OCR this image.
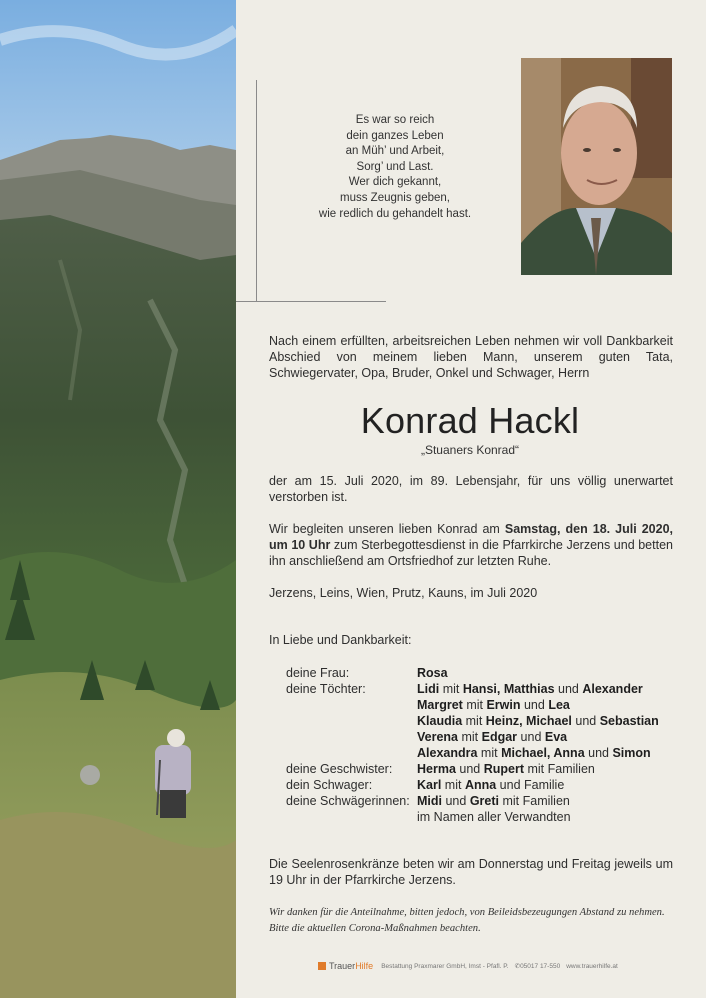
Es war so reich
dein ganzes Leben
an Müh’ und Arbeit,
Sorg’ und Last.
Wer dich gekannt,
muss Zeugnis geben,
wie redlich du gehandelt hast.
Nach einem erfüllten, arbeitsreichen Leben nehmen wir voll Dankbarkeit Abschied von meinem lieben Mann, unserem guten Tata, Schwiegervater, Opa, Bruder, Onkel und Schwager, Herrn
Konrad Hackl
„Stuaners Konrad“
der am 15. Juli 2020, im 89. Lebensjahr, für uns völlig unerwartet verstorben ist.
Wir begleiten unseren lieben Konrad am Samstag, den 18. Juli 2020, um 10 Uhr zum Sterbegottesdienst in die Pfarrkirche Jerzens und betten ihn anschließend am Ortsfriedhof zur letzten Ruhe.
Jerzens, Leins, Wien, Prutz, Kauns, im Juli 2020
In Liebe und Dankbarkeit:
deine Frau:	Rosa
deine Töchter:	Lidi mit Hansi, Matthias und Alexander
Margret mit Erwin und Lea
Klaudia mit Heinz, Michael und Sebastian
Verena mit Edgar und Eva
Alexandra mit Michael, Anna und Simon
deine Geschwister:	Herma und Rupert mit Familien
dein Schwager:	Karl mit Anna und Familie
deine Schwägerinnen: Midi und Greti mit Familien
im Namen aller Verwandten
Die Seelenrosenkränze beten wir am Donnerstag und Freitag jeweils um 19 Uhr in der Pfarrkirche Jerzens.
Wir danken für die Anteilnahme, bitten jedoch, von Beileidsbezeugungen Abstand zu nehmen. Bitte die aktuellen Corona-Maßnahmen beachten.
TrauerHilfe Bestattung Praxmarer GmbH, Imst - Pfafl. P. ✆ 05017 17-550 www.trauerhilfe.at
